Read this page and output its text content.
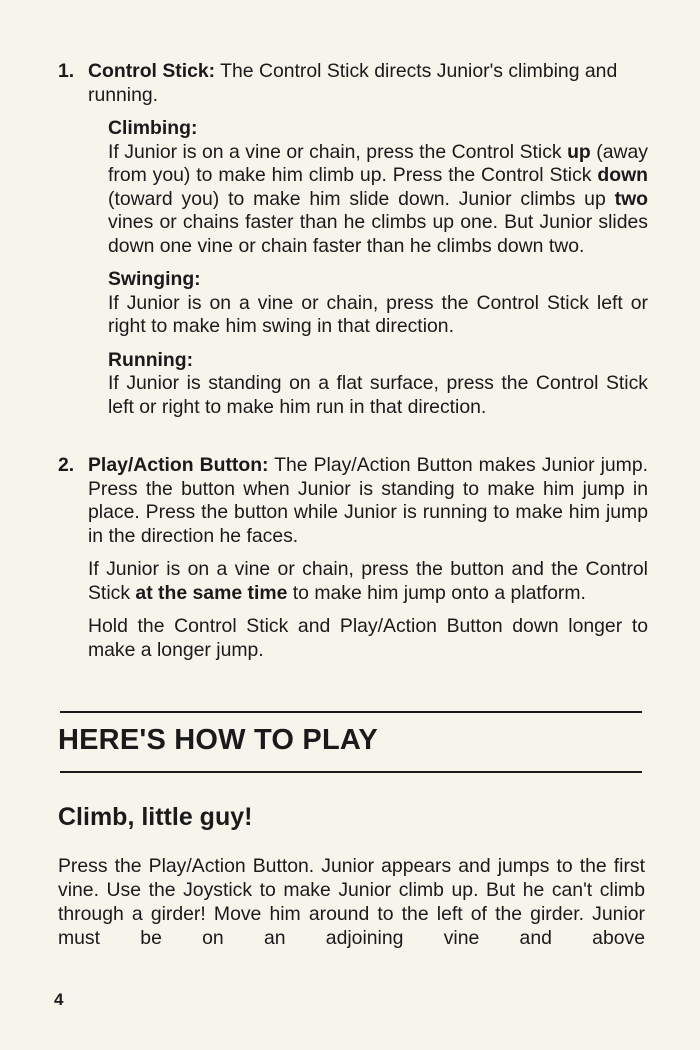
1. Control Stick: The Control Stick directs Junior's climbing and running.
Climbing:
If Junior is on a vine or chain, press the Control Stick up (away from you) to make him climb up. Press the Control Stick down (toward you) to make him slide down. Junior climbs up two vines or chains faster than he climbs up one. But Junior slides down one vine or chain faster than he climbs down two.
Swinging:
If Junior is on a vine or chain, press the Control Stick left or right to make him swing in that direction.
Running:
If Junior is standing on a flat surface, press the Control Stick left or right to make him run in that direction.
2. Play/Action Button: The Play/Action Button makes Junior jump. Press the button when Junior is standing to make him jump in place. Press the button while Junior is running to make him jump in the direction he faces.
If Junior is on a vine or chain, press the button and the Control Stick at the same time to make him jump onto a platform.
Hold the Control Stick and Play/Action Button down longer to make a longer jump.
HERE'S HOW TO PLAY
Climb, little guy!
Press the Play/Action Button. Junior appears and jumps to the first vine. Use the Joystick to make Junior climb up. But he can't climb through a girder! Move him around to the left of the girder. Junior must be on an adjoining vine and above
4
